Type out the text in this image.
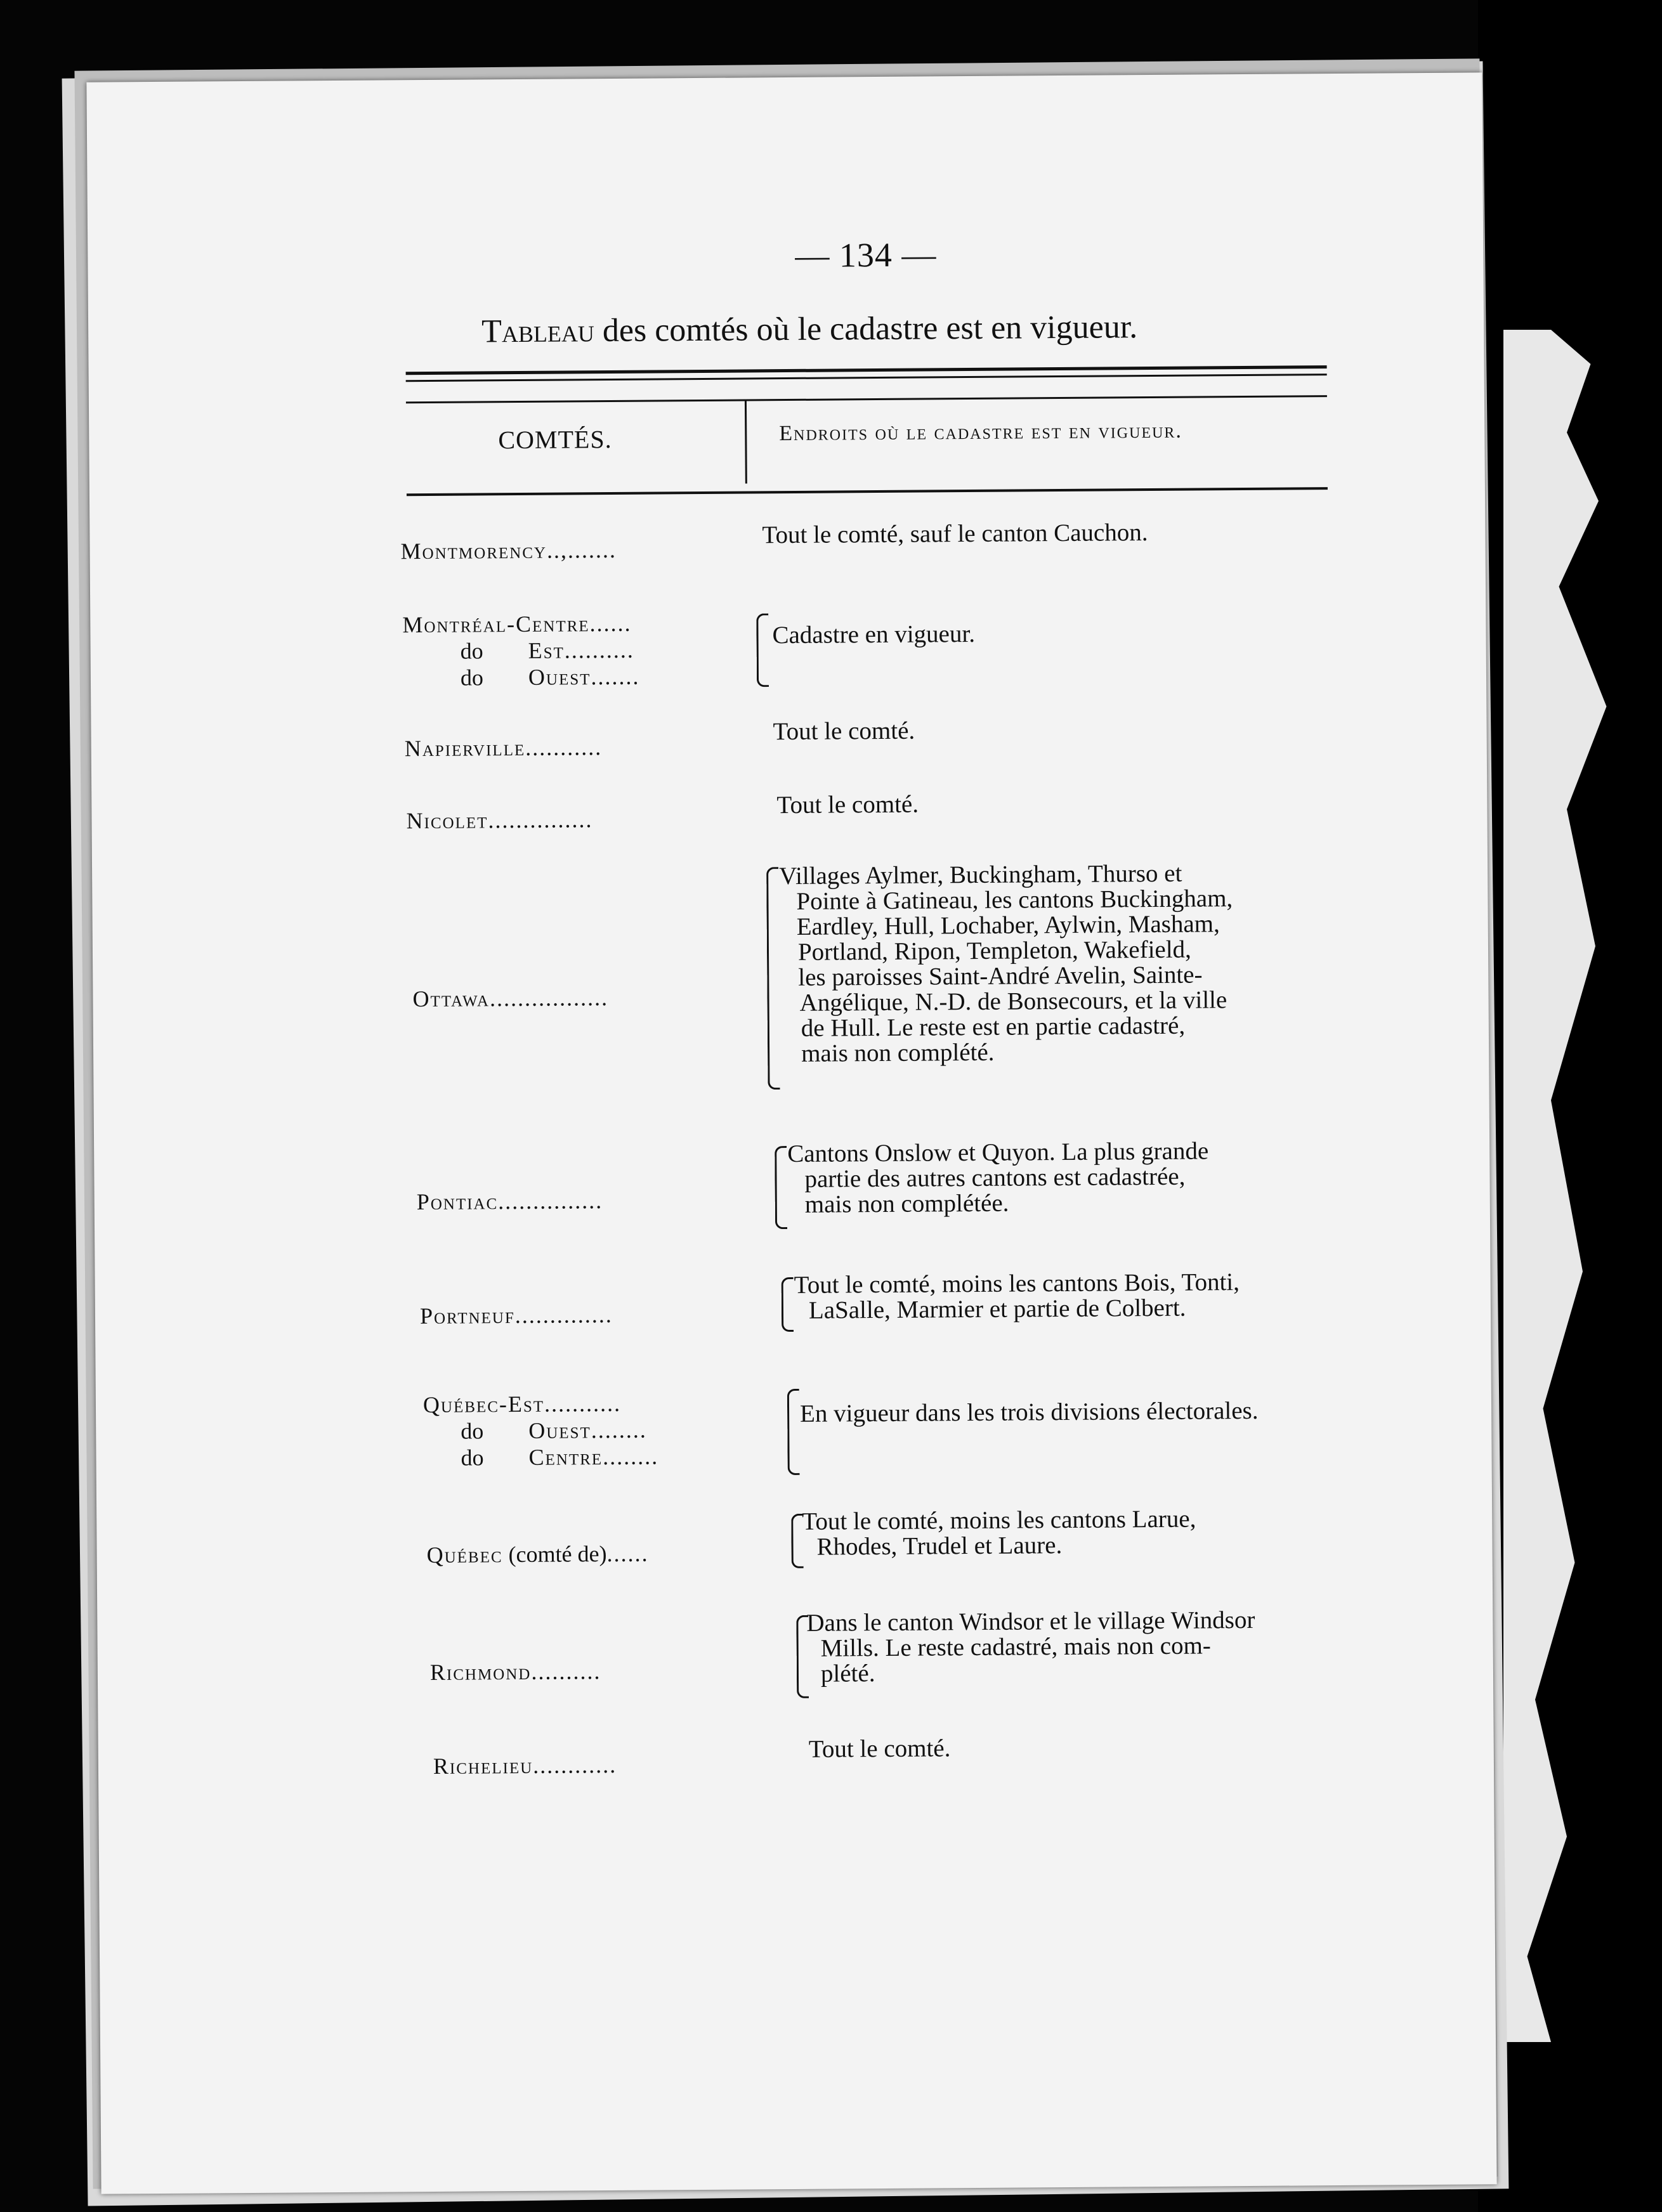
— 134 —
Tableau des comtés où le cadastre est en vigueur.
COMTÉS.	Endroits où le cadastre est en vigueur.
Montmorency..,.......
Tout le comté, sauf le canton Cauchon.
Montréal-Centre......
do Est..........
do Ouest.......
Cadastre en vigueur.
Napierville...........
Tout le comté.
Nicolet...............
Tout le comté.
Ottawa.................
Villages Aylmer, Buckingham, Thurso et
Pointe à Gatineau, les cantons Buckingham,
Eardley, Hull, Lochaber, Aylwin, Masham,
Portland, Ripon, Templeton, Wakefield,
les paroisses Saint-André Avelin, Sainte-
Angélique, N.-D. de Bonsecours, et la ville
de Hull. Le reste est en partie cadastré,
mais non complété.
Pontiac...............
Cantons Onslow et Quyon. La plus grande
partie des autres cantons est cadastrée,
mais non complétée.
Portneuf..............
Tout le comté, moins les cantons Bois, Tonti,
LaSalle, Marmier et partie de Colbert.
Québec-Est...........
do Ouest........
do Centre........
En vigueur dans les trois divisions électorales.
Québec (comté de)......
Tout le comté, moins les cantons Larue,
Rhodes, Trudel et Laure.
Richmond..........
Dans le canton Windsor et le village Windsor
Mills. Le reste cadastré, mais non com-
plété.
Richelieu............
Tout le comté.
